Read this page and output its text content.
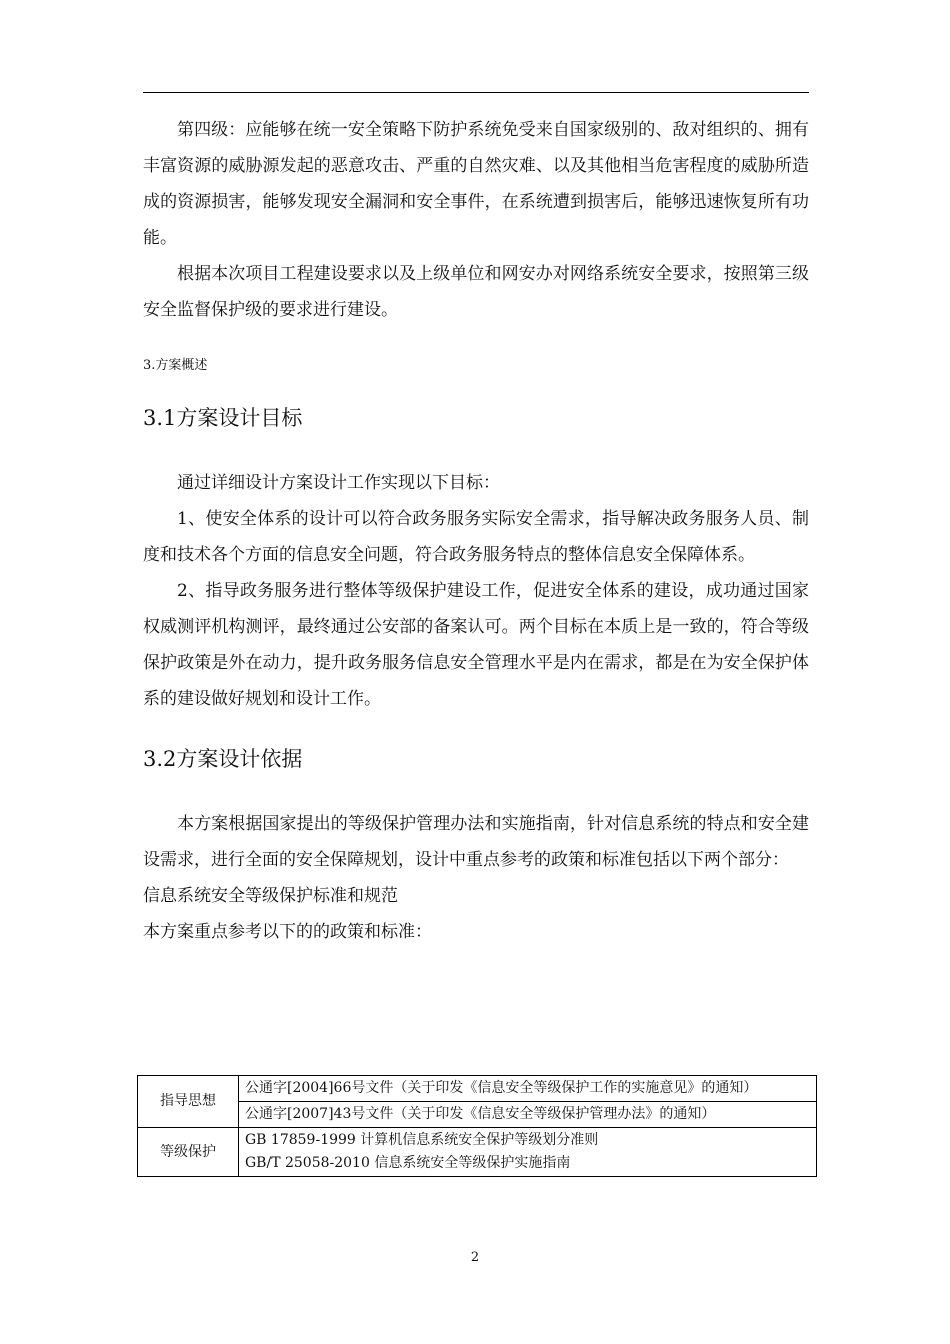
第四级：应能够在统一安全策略下防护系统免受来自国家级别的、敌对组织的、拥有丰富资源的威胁源发起的恶意攻击、严重的自然灾难、以及其他相当危害程度的威胁所造成的资源损害，能够发现安全漏洞和安全事件，在系统遭到损害后，能够迅速恢复所有功能。

根据本次项目工程建设要求以及上级单位和网安办对网络系统安全要求，按照第三级安全监督保护级的要求进行建设。

3.方案概述

3.1方案设计目标

通过详细设计方案设计工作实现以下目标：

1、使安全体系的设计可以符合政务服务实际安全需求，指导解决政务服务人员、制度和技术各个方面的信息安全问题，符合政务服务特点的整体信息安全保障体系。

2、指导政务服务进行整体等级保护建设工作，促进安全体系的建设，成功通过国家权威测评机构测评，最终通过公安部的备案认可。两个目标在本质上是一致的，符合等级保护政策是外在动力，提升政务服务信息安全管理水平是内在需求，都是在为安全保护体系的建设做好规划和设计工作。

3.2方案设计依据

本方案根据国家提出的等级保护管理办法和实施指南，针对信息系统的特点和安全建设需求，进行全面的安全保障规划，设计中重点参考的政策和标准包括以下两个部分：

信息系统安全等级保护标准和规范

本方案重点参考以下的的政策和标准：

指导思想	公通字[2004]66号文件（关于印发《信息安全等级保护工作的实施意见》的通知）
	公通字[2007]43号文件（关于印发《信息安全等级保护管理办法》的通知）
等级保护	GB 17859-1999 计算机信息系统安全保护等级划分准则
GB/T 25058-2010 信息系统安全等级保护实施指南
2
